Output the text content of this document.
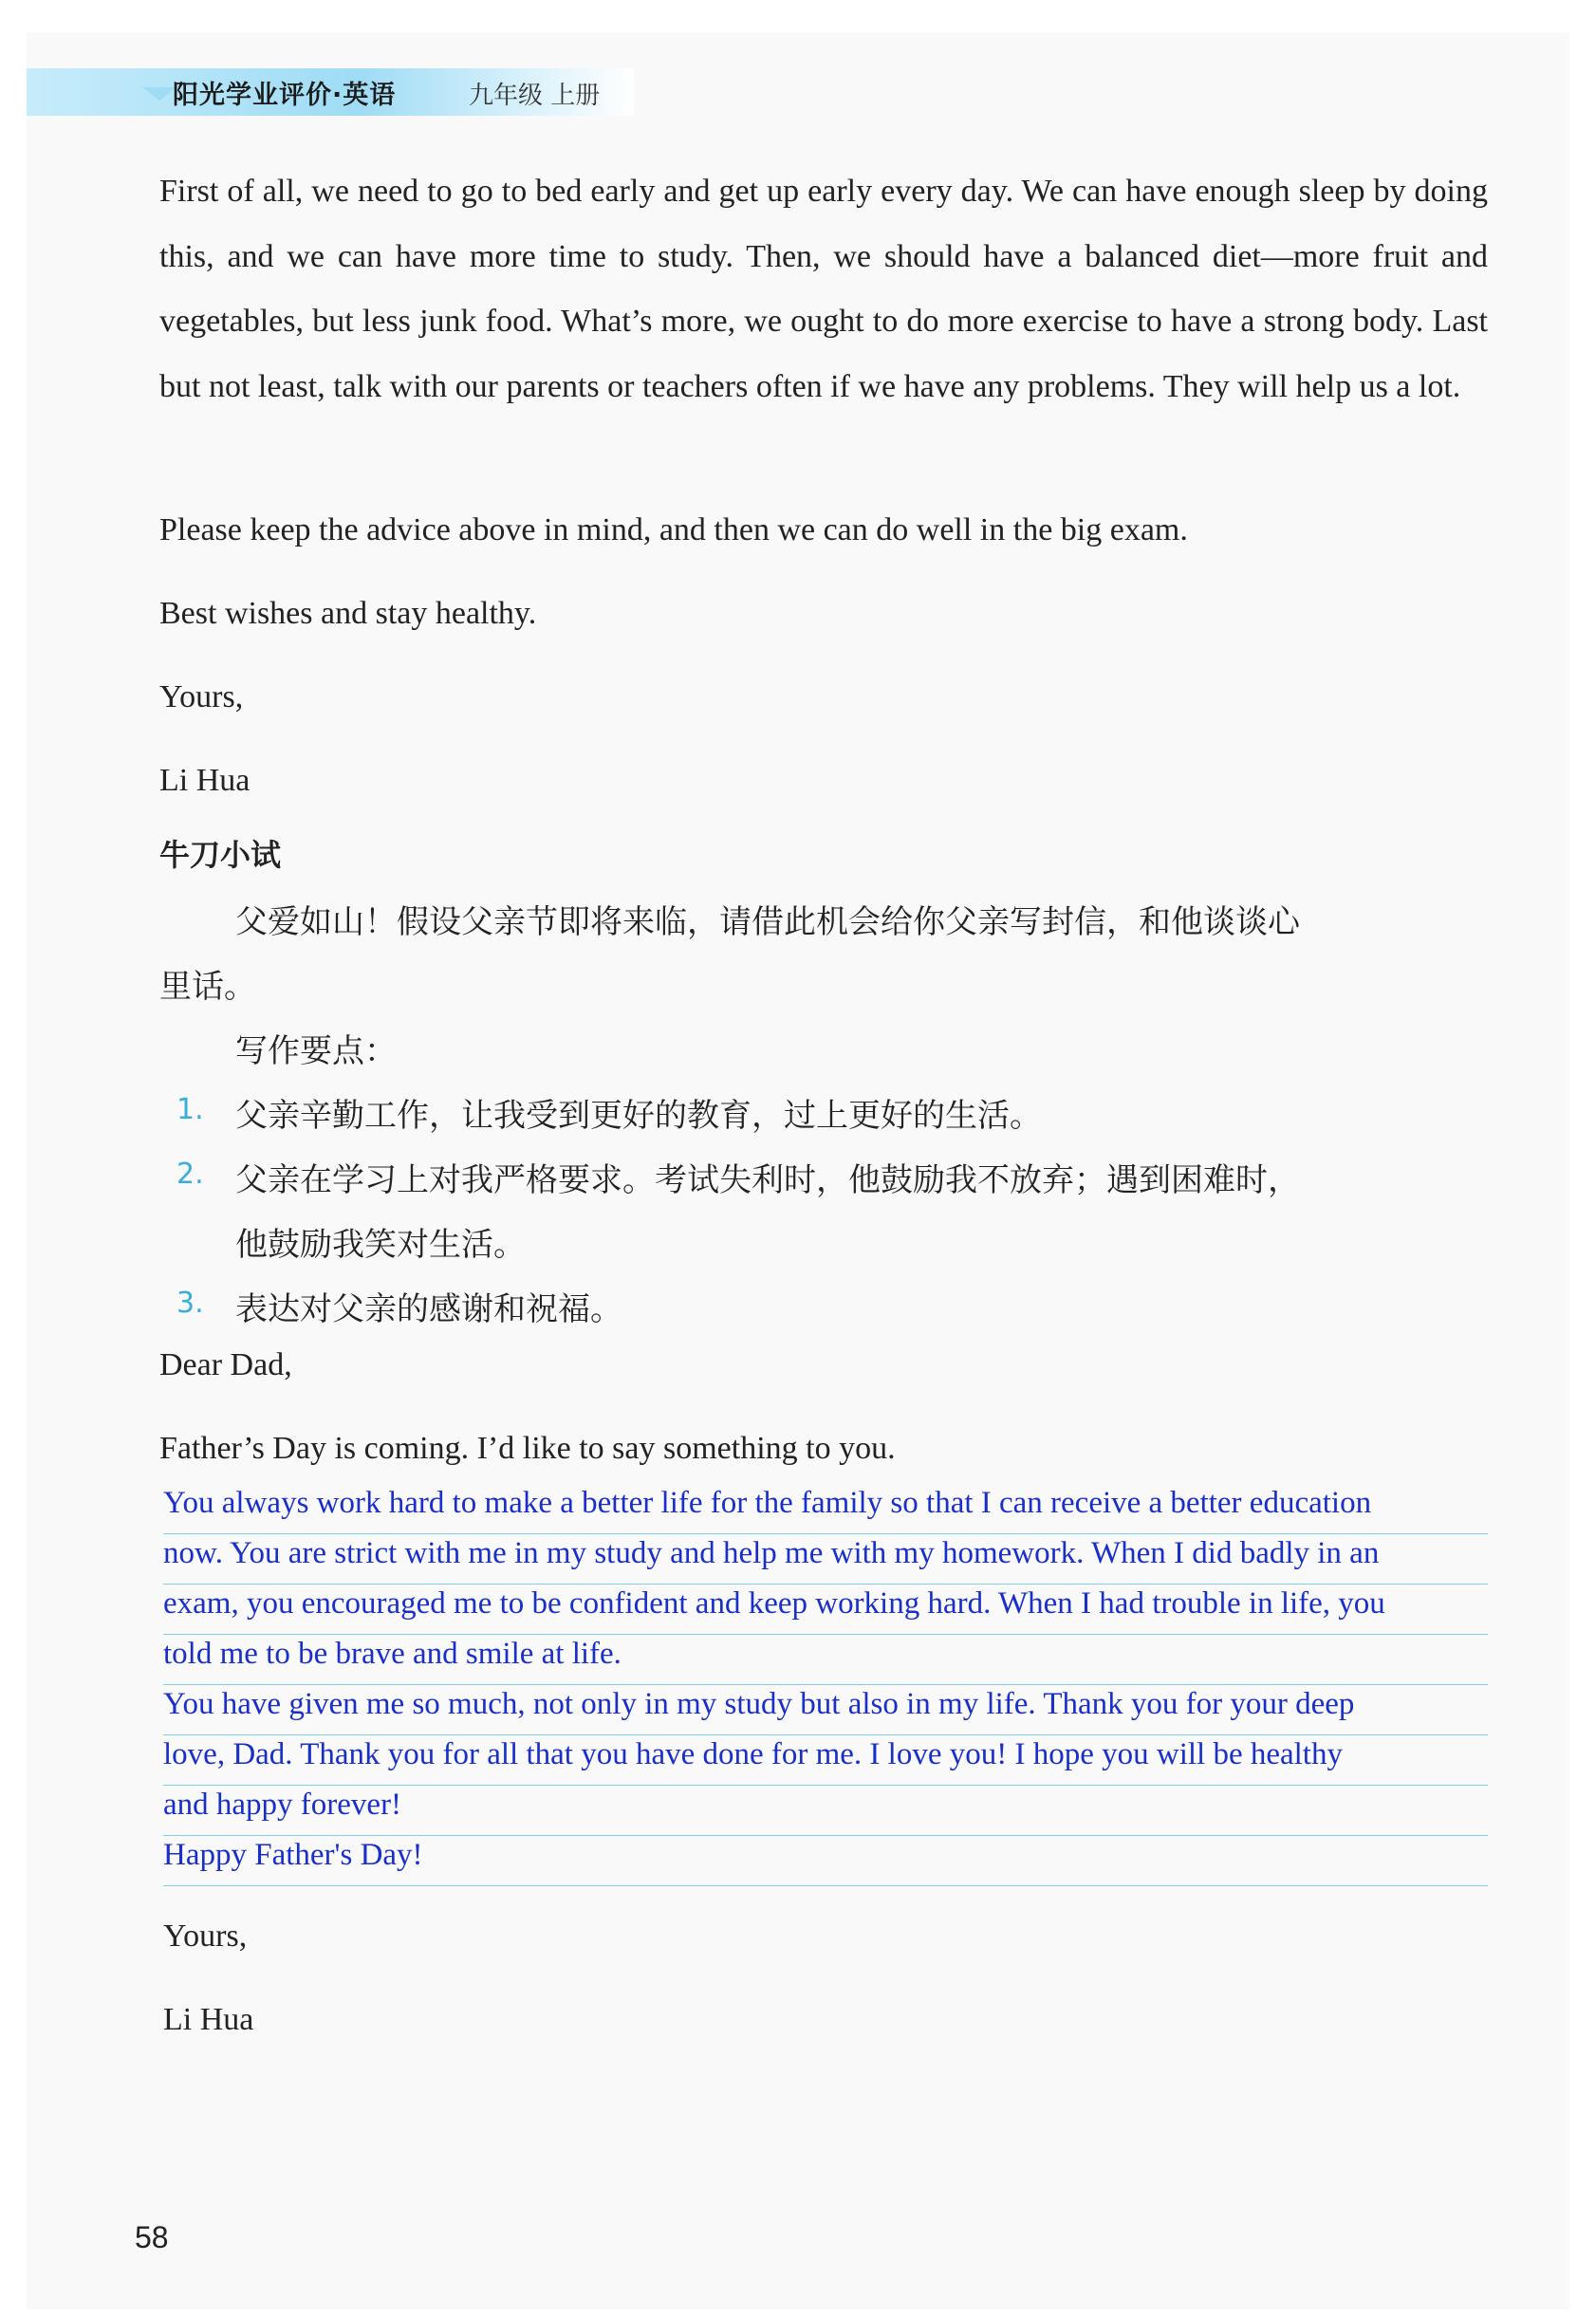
阳光学业评价·英语	九年级 上册
First of all, we need to go to bed early and get up early every day. We can have enough sleep by doing this, and we can have more time to study. Then, we should have a balanced diet—more fruit and vegetables, but less junk food. What’s more, we ought to do more exercise to have a strong body. Last but not least, talk with our parents or teachers often if we have any problems. They will help us a lot.
Please keep the advice above in mind, and then we can do well in the big exam.
Best wishes and stay healthy.
Yours,
Li Hua
牛刀小试
父爱如山！假设父亲节即将来临，请借此机会给你父亲写封信，和他谈谈心
里话。
写作要点：
1. 父亲辛勤工作，让我受到更好的教育，过上更好的生活。
2. 父亲在学习上对我严格要求。考试失利时，他鼓励我不放弃；遇到困难时，
他鼓励我笑对生活。
3. 表达对父亲的感谢和祝福。
Dear Dad,
Father’s Day is coming. I’d like to say something to you.
You always work hard to make a better life for the family so that I can receive a better education
now. You are strict with me in my study and help me with my homework. When I did badly in an
exam, you encouraged me to be confident and keep working hard. When I had trouble in life, you
told me to be brave and smile at life.
You have given me so much, not only in my study but also in my life. Thank you for your deep
love, Dad. Thank you for all that you have done for me. I love you! I hope you will be healthy
and happy forever!
Happy Father's Day!
Yours,
Li Hua
58
